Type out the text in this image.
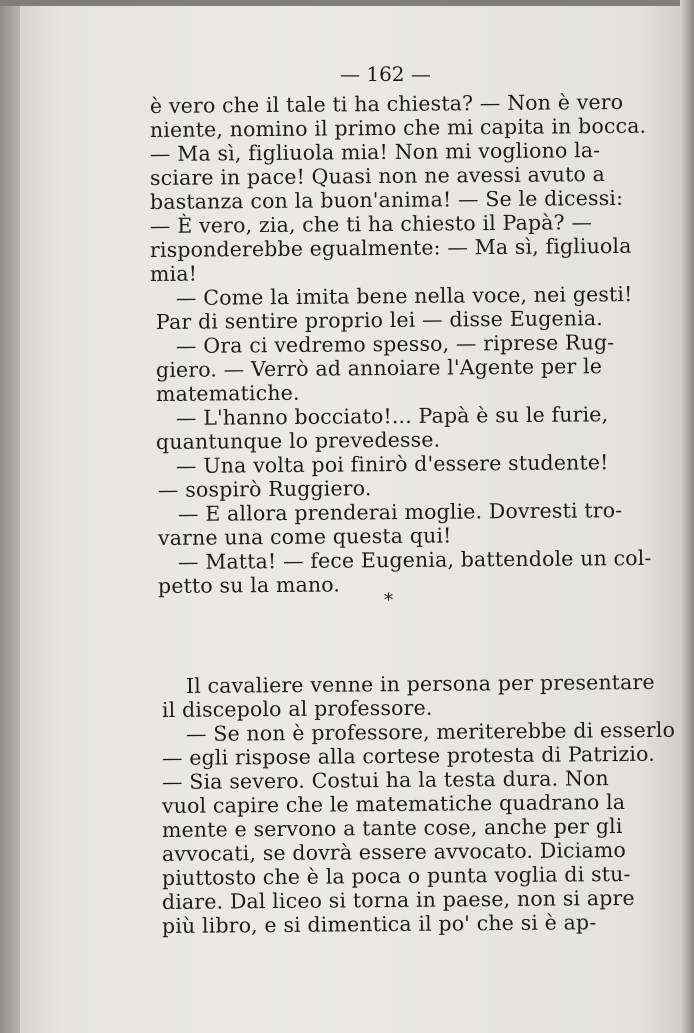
— 162 —
è vero che il tale ti ha chiesta? — Non è vero
niente, nomino il primo che mi capita in bocca.
— Ma sì, figliuola mia! Non mi vogliono la-
sciare in pace! Quasi non ne avessi avuto a
bastanza con la buon'anima! — Se le dicessi:
— È vero, zia, che ti ha chiesto il Papà? —
risponderebbe egualmente: — Ma sì, figliuola
mia!
— Come la imita bene nella voce, nei gesti!
Par di sentire proprio lei — disse Eugenia.
— Ora ci vedremo spesso, — riprese Rug-
giero. — Verrò ad annoiare l'Agente per le
matematiche.
— L'hanno bocciato!... Papà è su le furie,
quantunque lo prevedesse.
— Una volta poi finirò d'essere studente!
— sospirò Ruggiero.
— E allora prenderai moglie. Dovresti tro-
varne una come questa qui!
— Matta! — fece Eugenia, battendole un col-
petto su la mano.
Il cavaliere venne in persona per presentare
il discepolo al professore.
— Se non è professore, meriterebbe di esserlo
— egli rispose alla cortese protesta di Patrizio.
— Sia severo. Costui ha la testa dura. Non
vuol capire che le matematiche quadrano la
mente e servono a tante cose, anche per gli
avvocati, se dovrà essere avvocato. Diciamo
piuttosto che è la poca o punta voglia di stu-
diare. Dal liceo si torna in paese, non si apre
più libro, e si dimentica il po' che si è ap-
*
